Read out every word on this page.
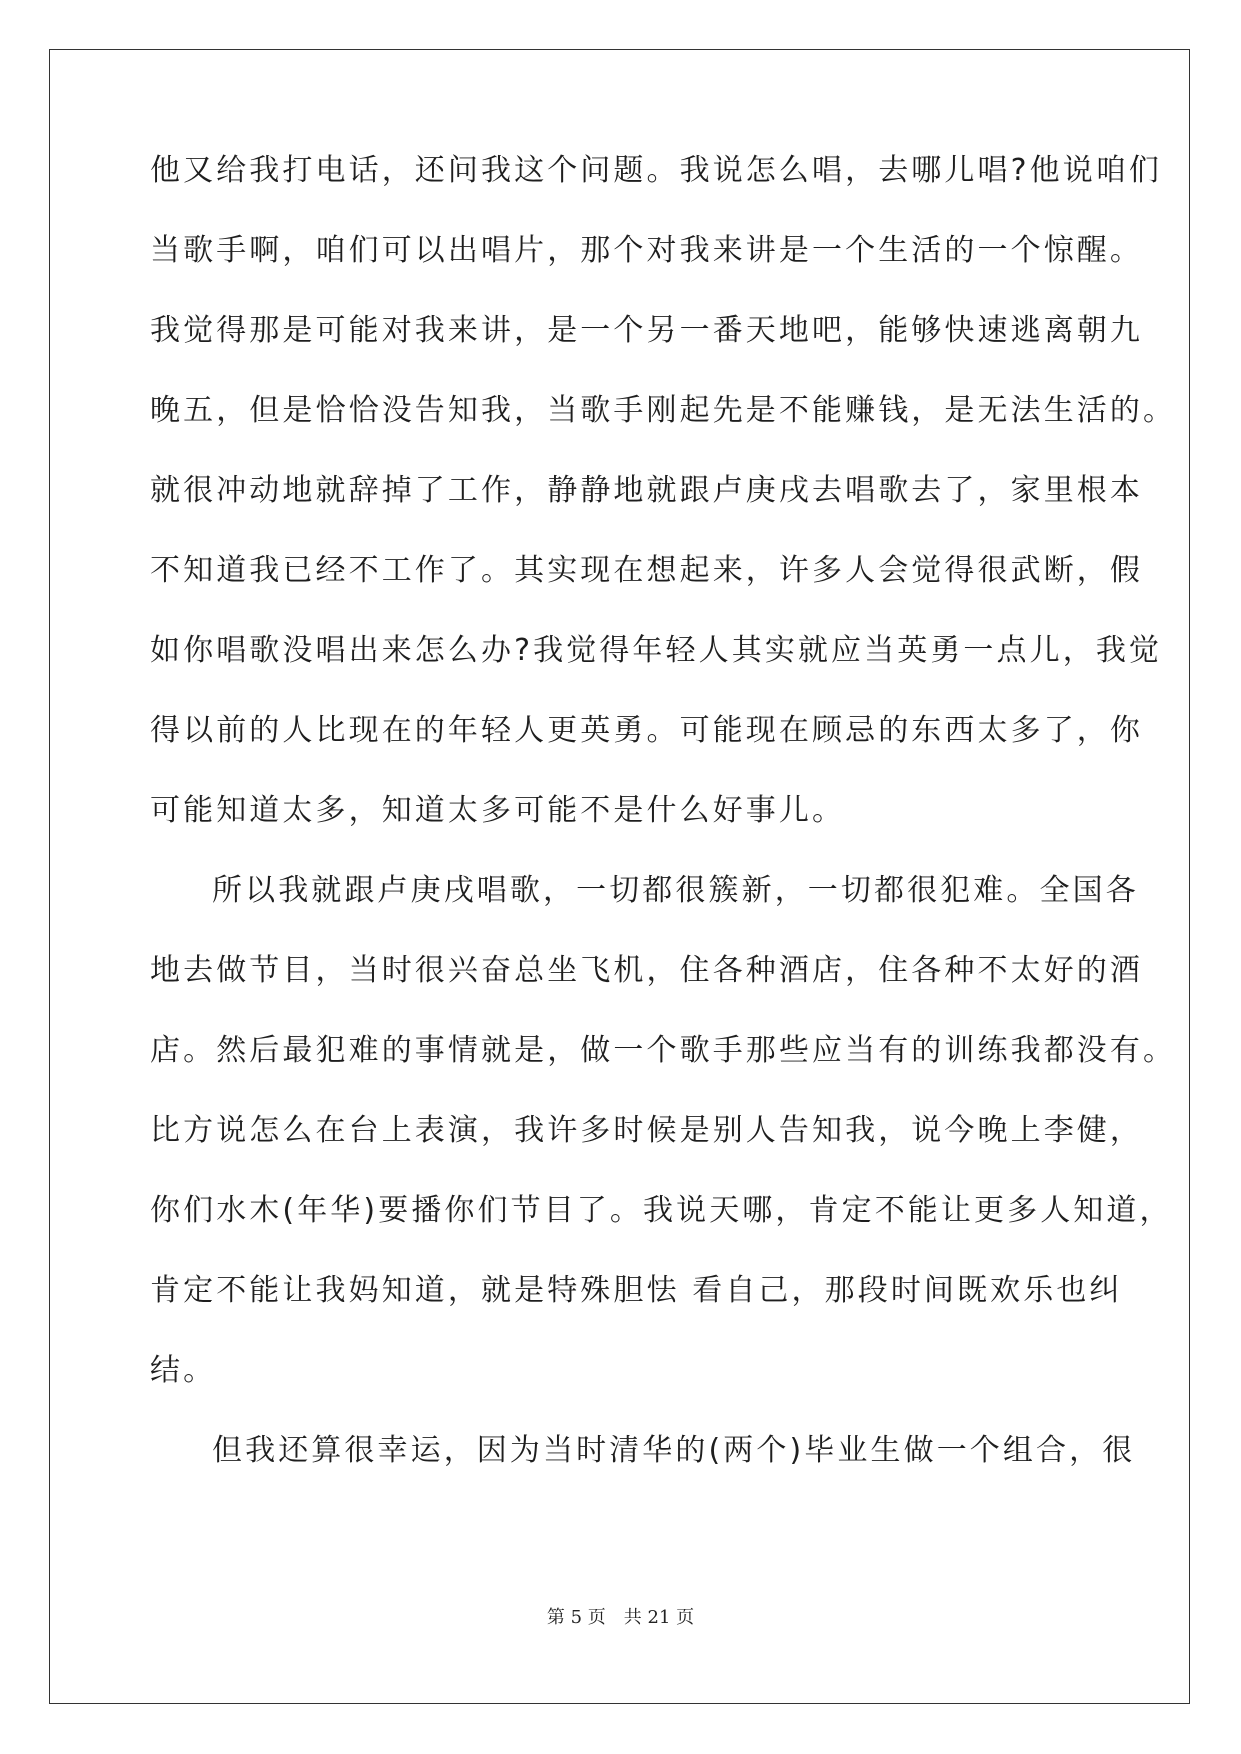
他又给我打电话，还问我这个问题。我说怎么唱，去哪儿唱?他说咱们
当歌手啊，咱们可以出唱片，那个对我来讲是一个生活的一个惊醒。
我觉得那是可能对我来讲，是一个另一番天地吧，能够快速逃离朝九
晚五，但是恰恰没告知我，当歌手刚起先是不能赚钱，是无法生活的。
就很冲动地就辞掉了工作，静静地就跟卢庚戌去唱歌去了，家里根本
不知道我已经不工作了。其实现在想起来，许多人会觉得很武断，假
如你唱歌没唱出来怎么办?我觉得年轻人其实就应当英勇一点儿，我觉
得以前的人比现在的年轻人更英勇。可能现在顾忌的东西太多了，你
可能知道太多，知道太多可能不是什么好事儿。
所以我就跟卢庚戌唱歌，一切都很簇新，一切都很犯难。全国各
地去做节目，当时很兴奋总坐飞机，住各种酒店，住各种不太好的酒
店。然后最犯难的事情就是，做一个歌手那些应当有的训练我都没有。
比方说怎么在台上表演，我许多时候是别人告知我，说今晚上李健，
你们水木(年华)要播你们节目了。我说天哪，肯定不能让更多人知道，
肯定不能让我妈知道，就是特殊胆怯 看自己，那段时间既欢乐也纠
结。
但我还算很幸运，因为当时清华的(两个)毕业生做一个组合，很
第 5 页 共 21 页
